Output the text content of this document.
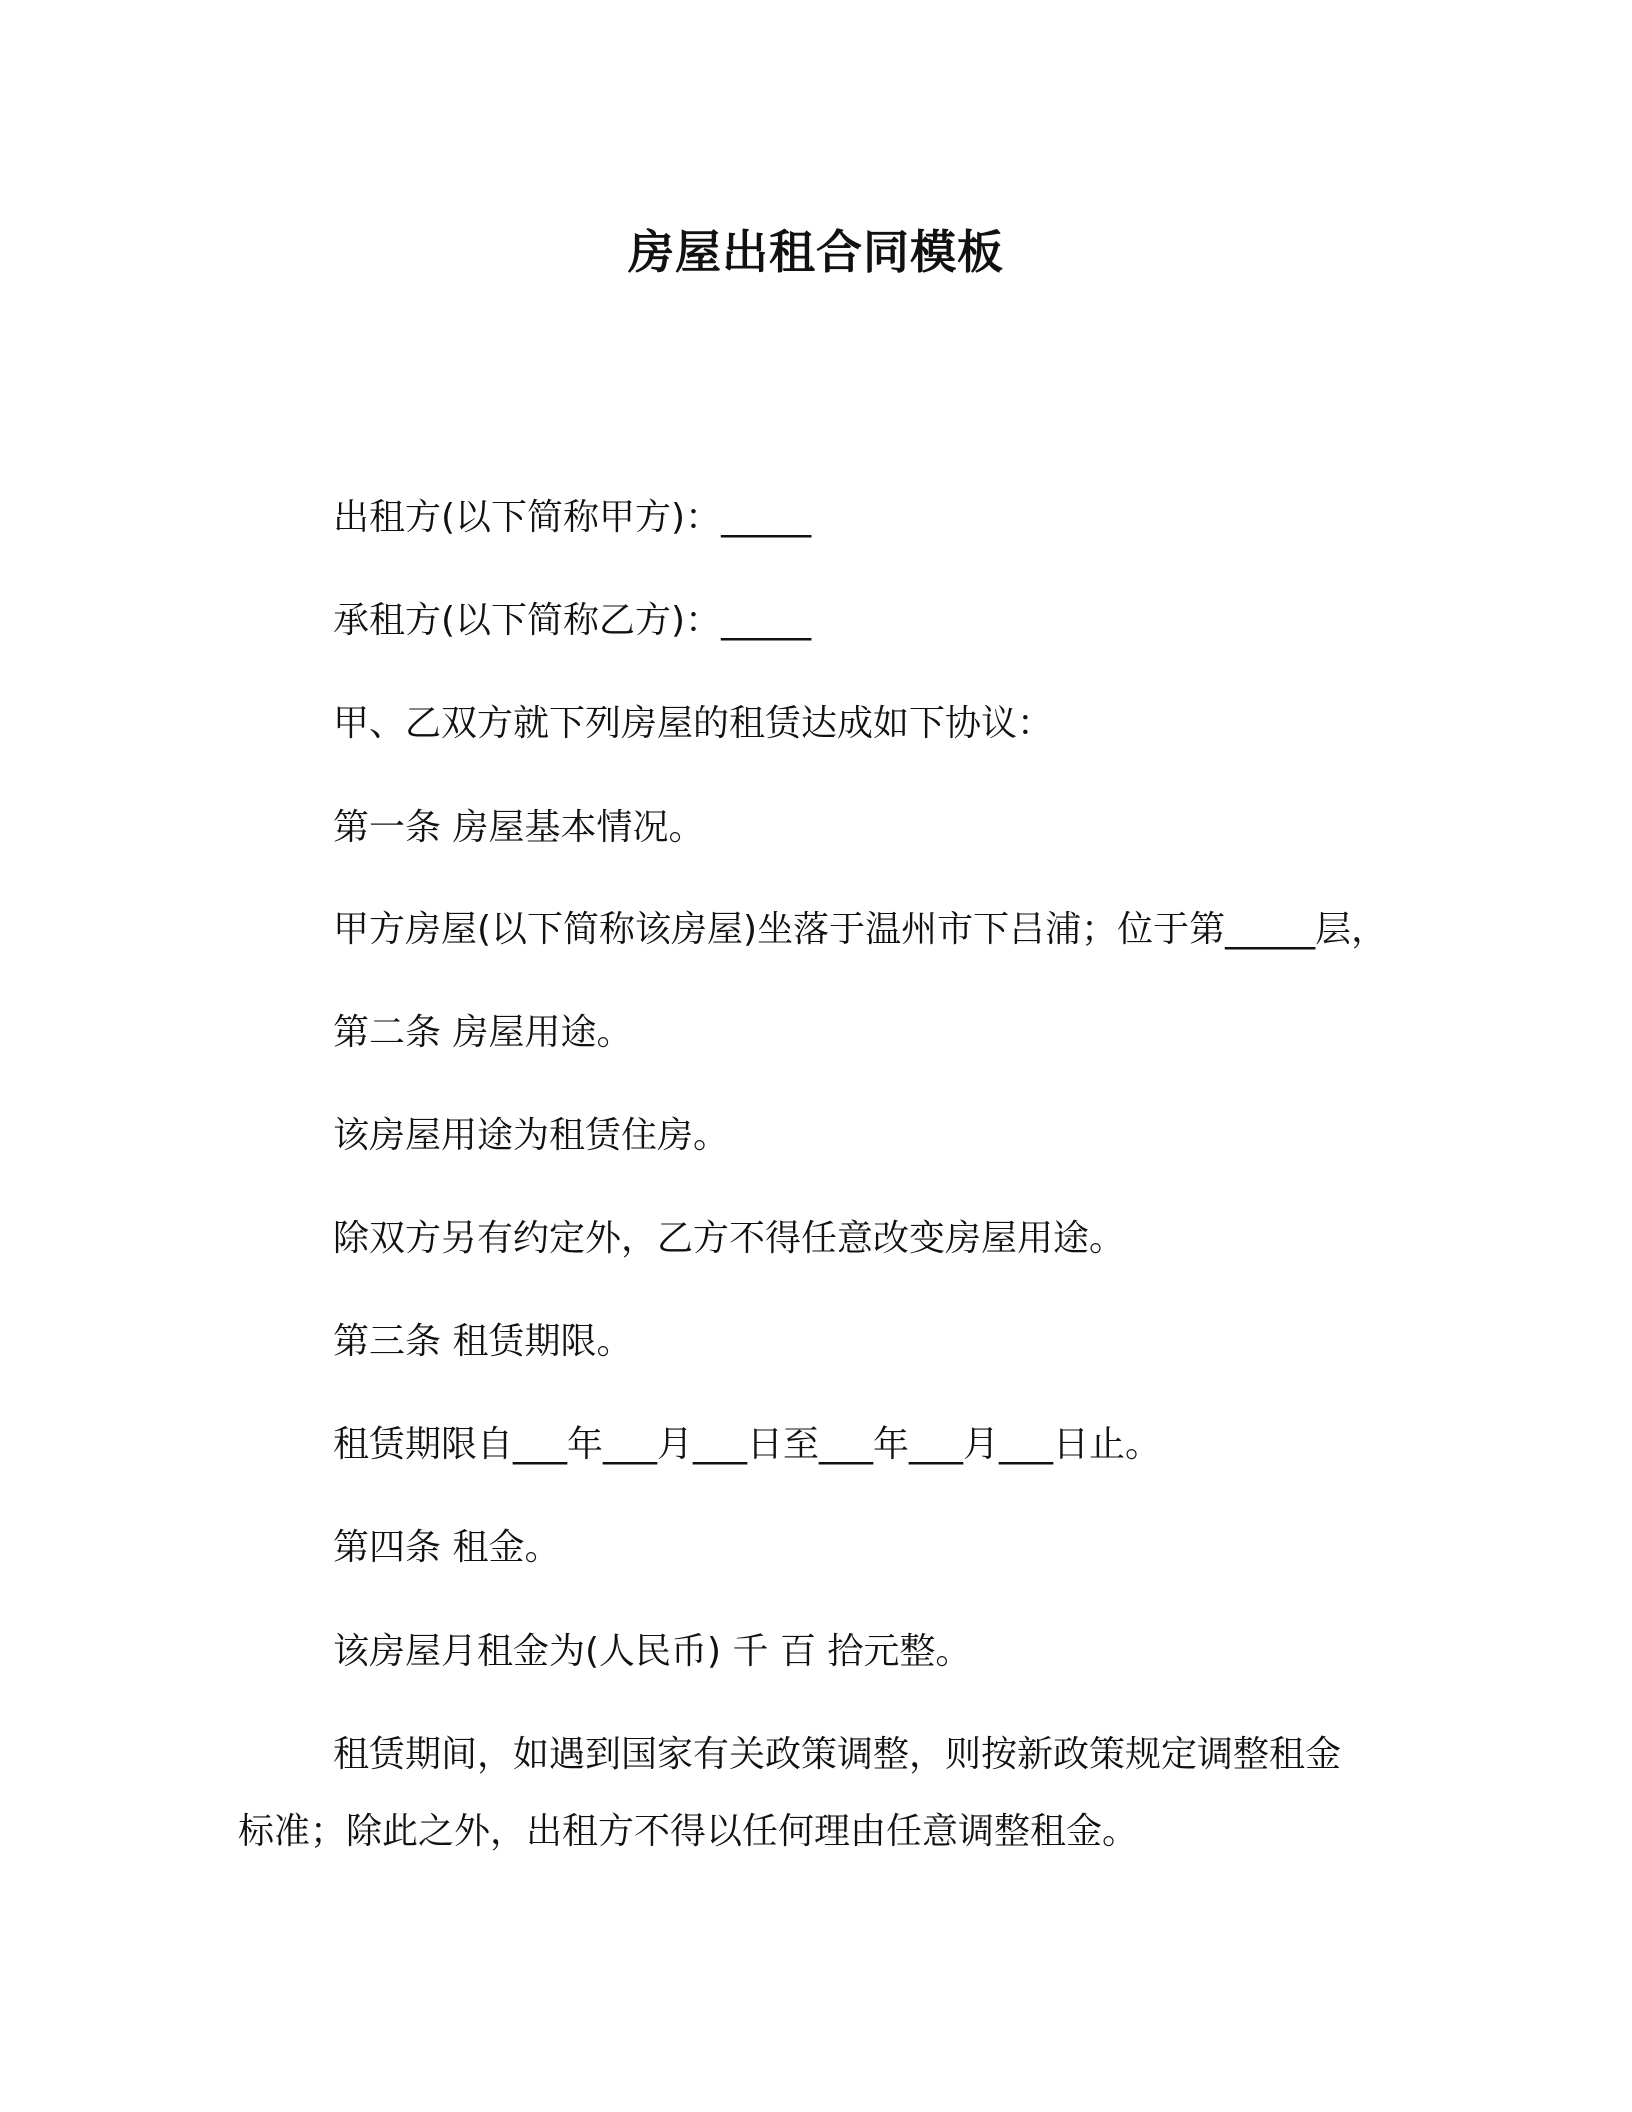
房屋出租合同模板
出租方(以下简称甲方)：_____
承租方(以下简称乙方)：_____
甲、乙双方就下列房屋的租赁达成如下协议：
第一条 房屋基本情况。
甲方房屋(以下简称该房屋)坐落于温州市下吕浦；位于第_____层，
第二条 房屋用途。
该房屋用途为租赁住房。
除双方另有约定外，乙方不得任意改变房屋用途。
第三条 租赁期限。
租赁期限自___年___月___日至___年___月___日止。
第四条 租金。
该房屋月租金为(人民币) 千 百 拾元整。
租赁期间，如遇到国家有关政策调整，则按新政策规定调整租金
标准；除此之外，出租方不得以任何理由任意调整租金。
